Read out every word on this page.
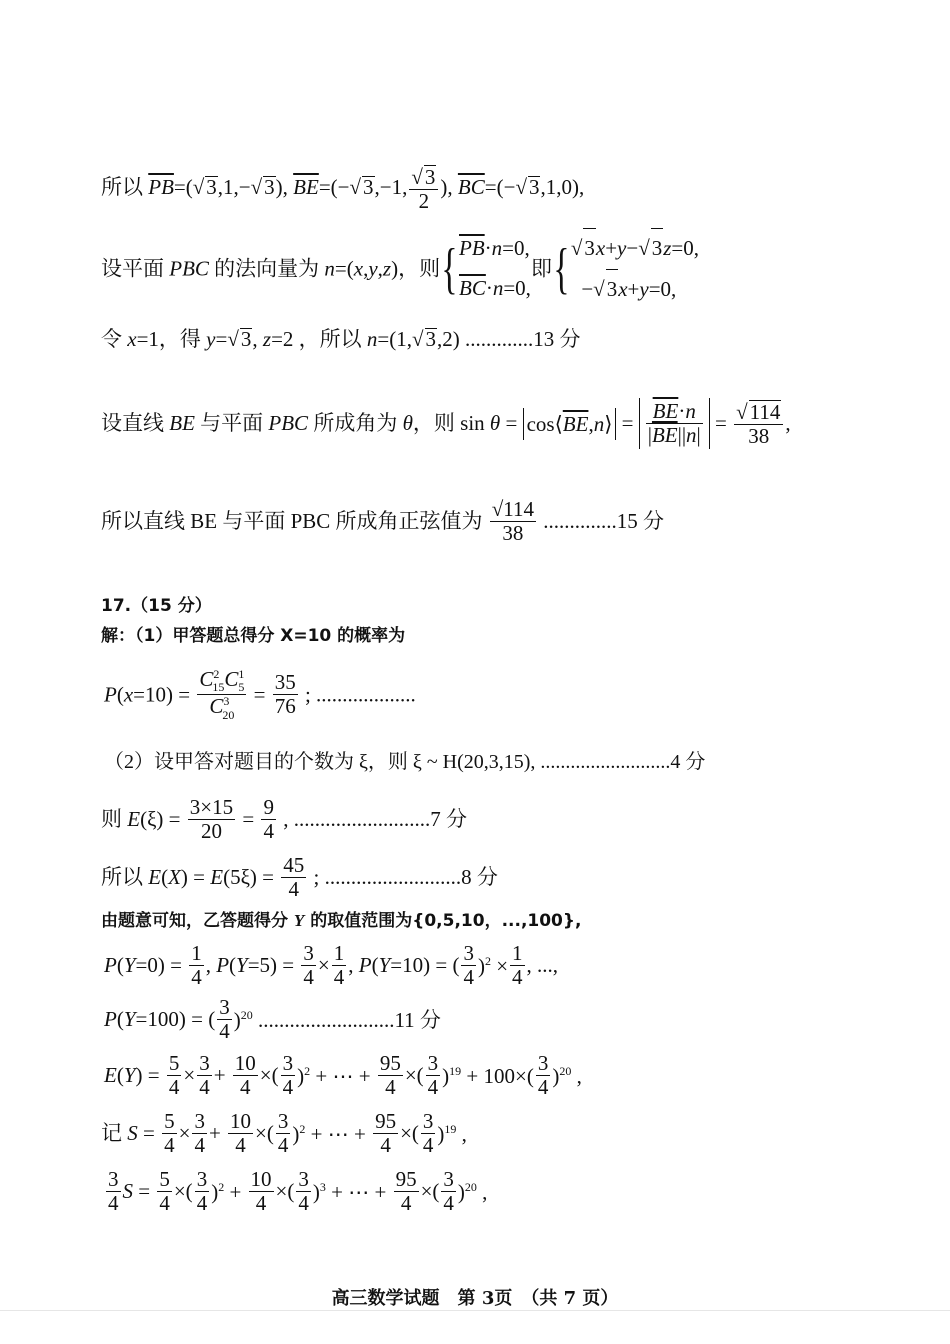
所以 $\overline{PB}=(√3,1,-√3)$, $\overline{BE}=(-√3,-1$, $\frac{√3}{2}$ ), $\overline{BC}=(-√3,1,0)$,
设平面 PBC 的法向量为 n=(x,y,z)，则{$\overline{PB}\cdot n=0$,
$\overline{BC}\cdot n=0$,即{√3x+y−√3z=0,
−√3x+y=0,
令 x=1，得 y=√3, z=2 ，所以 n=(1,√3,2) .............13 分
设直线 BE 与平面 PBC 所成角为 θ，则 $\sin \theta = \cos⟨\overline{BE},n⟩ = \frac{\overline{BE}\cdot n}{|\overline{BE}||n|} = \frac{√114}{38}$ ,
所以直线 BE 与平面 PBC 所成角正弦值为 $\frac{√114}{38} ..............15$ 分
17.（15 分）
解：（1）甲答题总得分 X=10 的概率为
$P(x=10) = \frac{C^2_{15}C^1_5}{C^3_{20}} = \frac{35}{76}$ ; ...................
（2）设甲答对题目的个数为 ξ，则 ξ ~ H(20,3,15), ..........................4 分
则 $E(\xi) = \frac{3\times 15}{20} = \frac{9}{4}$ , ..........................7 分
所以 $E(X) = E(5\xi) = \frac{45}{4}$ ; ..........................8 分
由题意可知，乙答题得分 Y 的取值范围为{0,5,10，...,100},
$P(Y=0) = \frac{1}{4}$ , $P(Y=5) = \frac{3}{4} \times \frac{1}{4}$ , P(Y=10) = ( $\frac{3}{4} )^2 \times \frac{1}{4}$ , ...,
P(Y=100) = ( $\frac{3}{4} )^{20}$ ..........................11 分
$E(Y) = \frac{5}{4} \times \frac{3}{4} + \frac{10}{4}$ ×( $\frac{3}{4} )^2$ + ⋯ + $\frac{95}{4}$ ×( $\frac{3}{4} )^{19} + 100\times( \frac{3}{4} )^{20}$ ,
记 $S = \frac{5}{4} \times \frac{3}{4} + \frac{10}{4}$ ×( $\frac{3}{4} )^2$ + ⋯ + $\frac{95}{4}$ ×( $\frac{3}{4} )^{19}$ ,
$\frac{3}{4}$ $S = \frac{5}{4}$ ×( $\frac{3}{4} )^2 + \frac{10}{4}$ ×( $\frac{3}{4} )^3$ + ⋯ + $\frac{95}{4}$ ×( $\frac{3}{4} )^{20}$ ,
高三数学试题　第 3页　（共 7 页）
